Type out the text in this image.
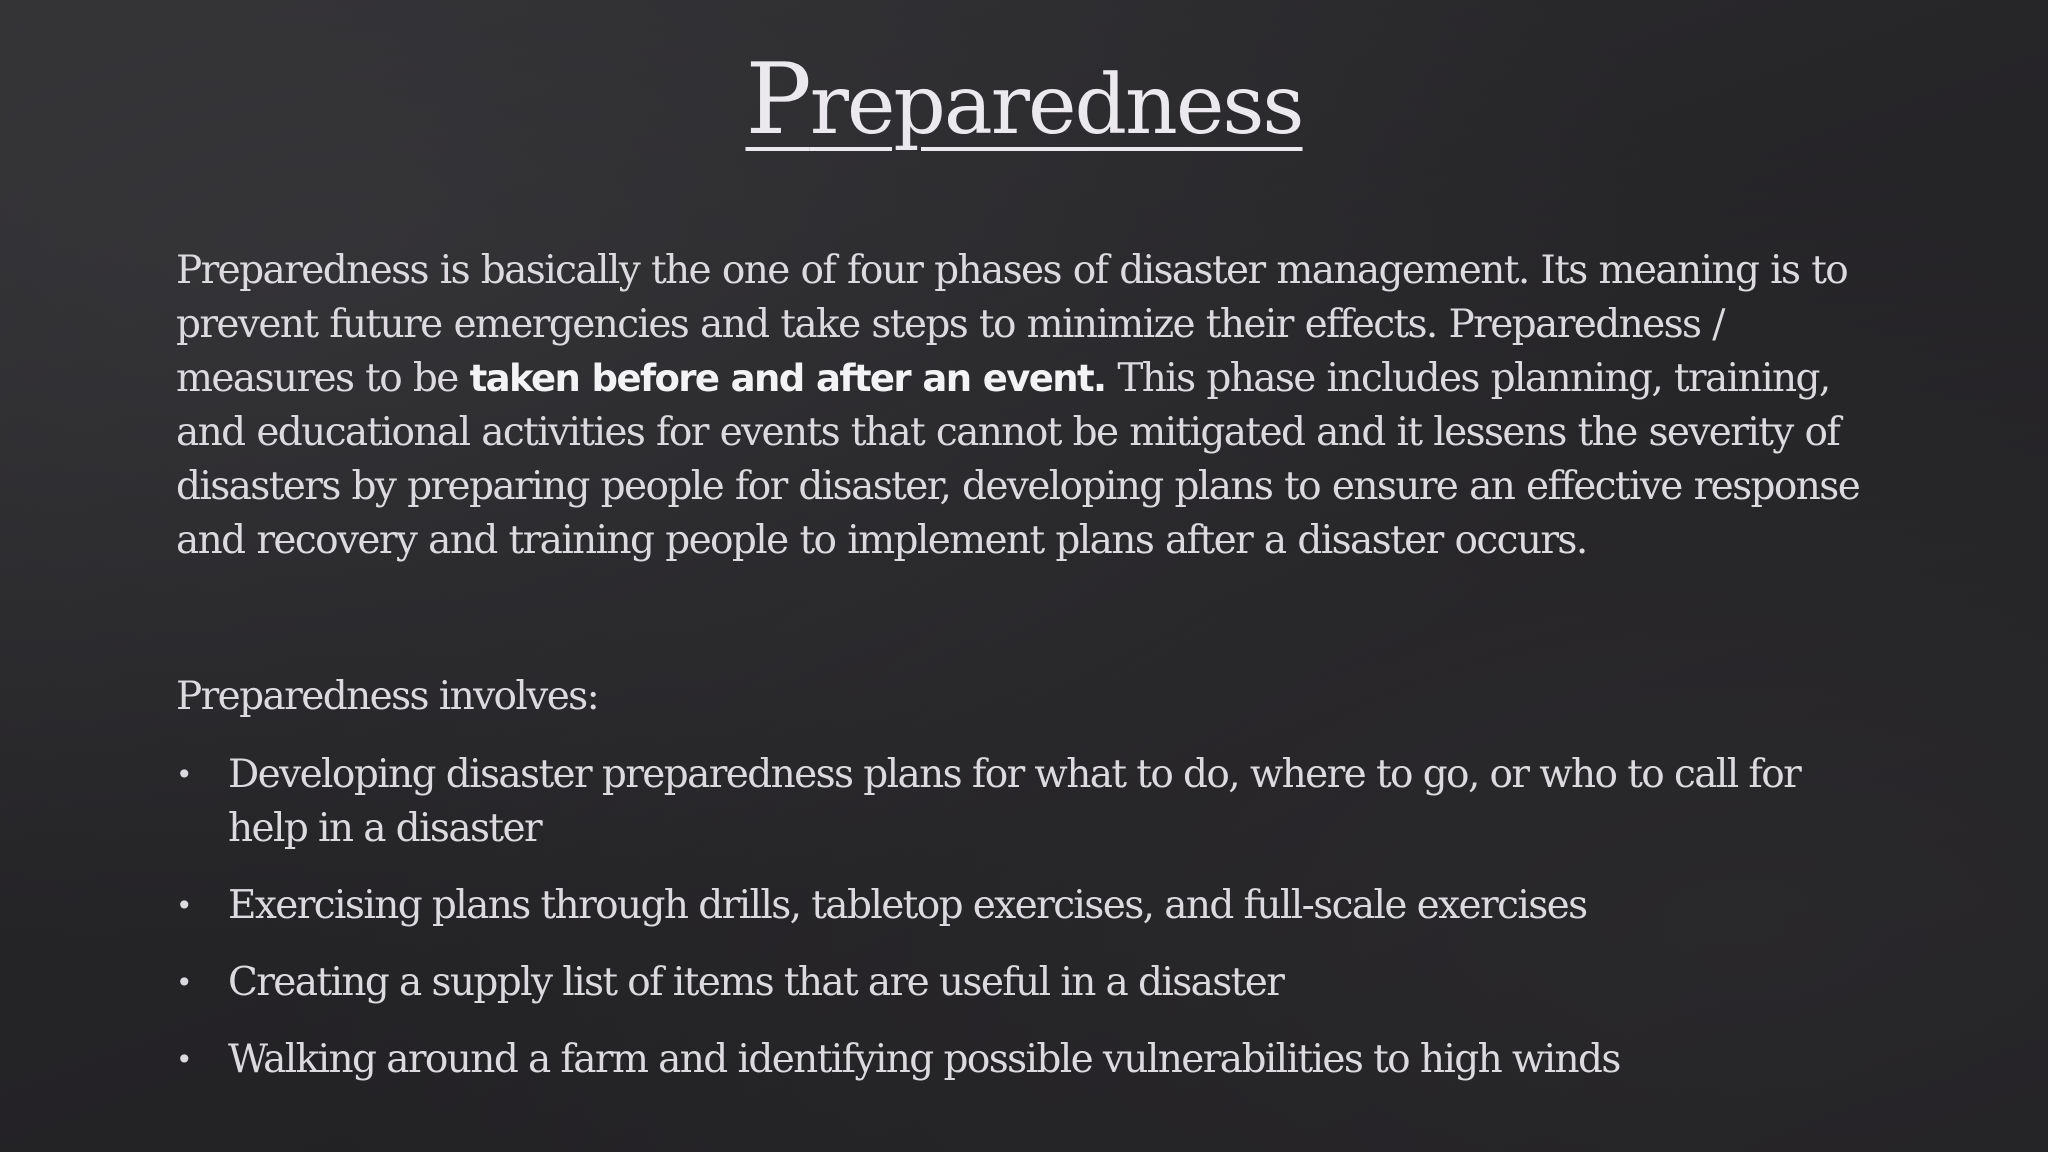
Preparedness

Preparedness is basically the one of four phases of disaster management. Its meaning is to prevent future emergencies and take steps to minimize their effects. Preparedness / measures to be taken before and after an event. This phase includes planning, training, and educational activities for events that cannot be mitigated and it lessens the severity of disasters by preparing people for disaster, developing plans to ensure an effective response and recovery and training people to implement plans after a disaster occurs.

Preparedness involves:
• Developing disaster preparedness plans for what to do, where to go, or who to call for help in a disaster
• Exercising plans through drills, tabletop exercises, and full-scale exercises
• Creating a supply list of items that are useful in a disaster
• Walking around a farm and identifying possible vulnerabilities to high winds
